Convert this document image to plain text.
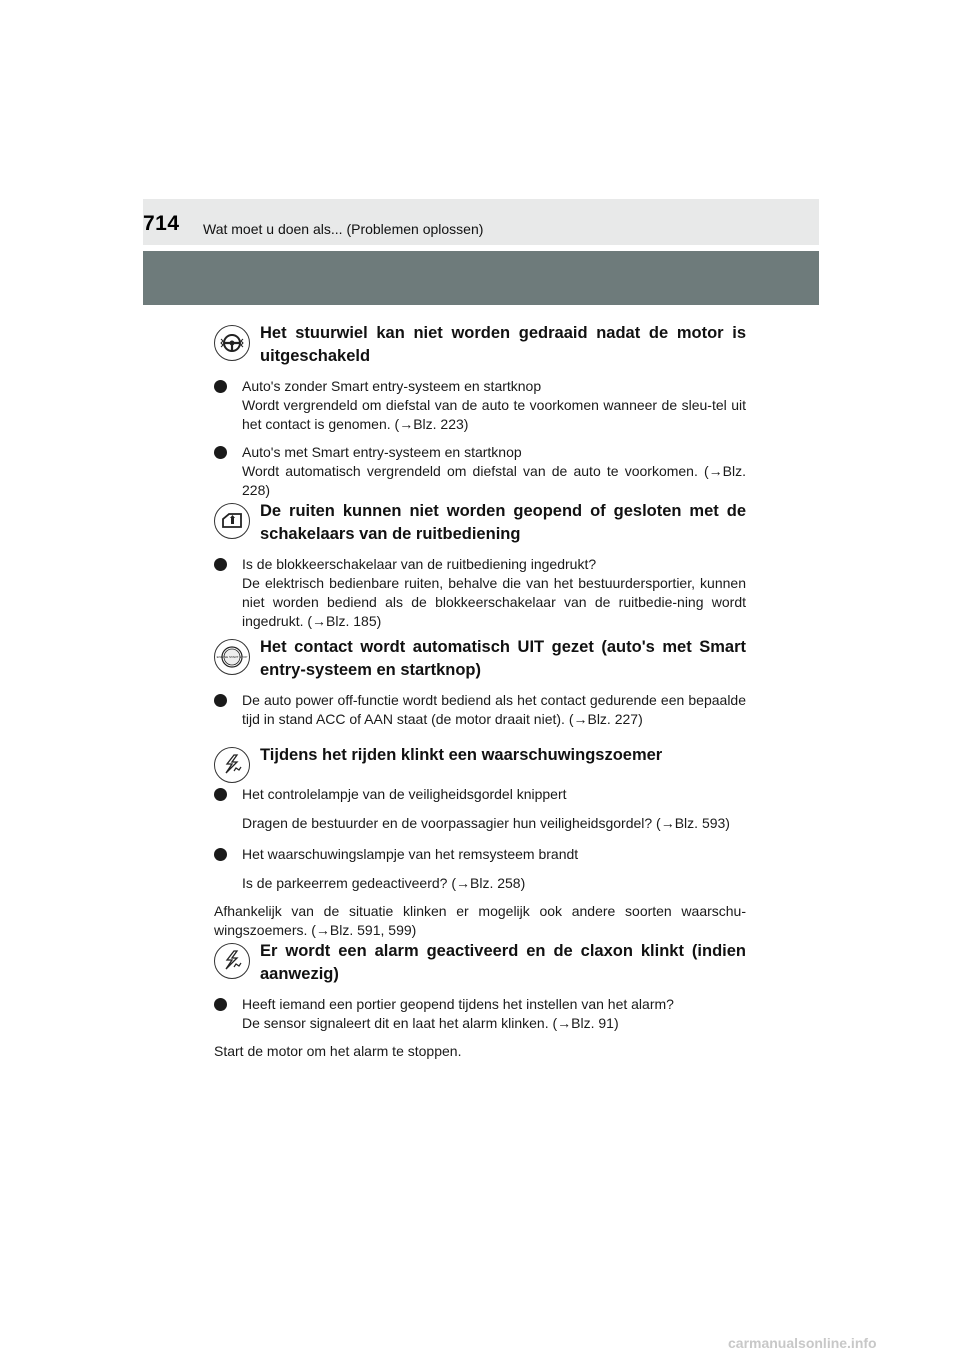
714 Wat moet u doen als... (Problemen oplossen)
Het stuurwiel kan niet worden gedraaid nadat de motor is uitgeschakeld
Auto's zonder Smart entry-systeem en startknop
Wordt vergrendeld om diefstal van de auto te voorkomen wanneer de sleu-tel uit het contact is genomen. (→Blz. 223)
Auto's met Smart entry-systeem en startknop
Wordt automatisch vergrendeld om diefstal van de auto te voorkomen. (→Blz. 228)
De ruiten kunnen niet worden geopend of gesloten met de schakelaars van de ruitbediening
Is de blokkeerschakelaar van de ruitbediening ingedrukt?
De elektrisch bedienbare ruiten, behalve die van het bestuurdersportier, kunnen niet worden bediend als de blokkeerschakelaar van de ruitbedie-ning wordt ingedrukt. (→Blz. 185)
ENGINE START STOP
Het contact wordt automatisch UIT gezet (auto's met Smart entry-systeem en startknop)
De auto power off-functie wordt bediend als het contact gedurende een bepaalde tijd in stand ACC of AAN staat (de motor draait niet). (→Blz. 227)
Tijdens het rijden klinkt een waarschuwingszoemer
Het controlelampje van de veiligheidsgordel knippert
Dragen de bestuurder en de voorpassagier hun veiligheidsgordel? (→Blz. 593)
Het waarschuwingslampje van het remsysteem brandt
Is de parkeerrem gedeactiveerd? (→Blz. 258)
Afhankelijk van de situatie klinken er mogelijk ook andere soorten waarschu-wingszoemers. (→Blz. 591, 599)
Er wordt een alarm geactiveerd en de claxon klinkt (indien aanwezig)
Heeft iemand een portier geopend tijdens het instellen van het alarm?
De sensor signaleert dit en laat het alarm klinken. (→Blz. 91)
Start de motor om het alarm te stoppen.
carmanualsonline.info
